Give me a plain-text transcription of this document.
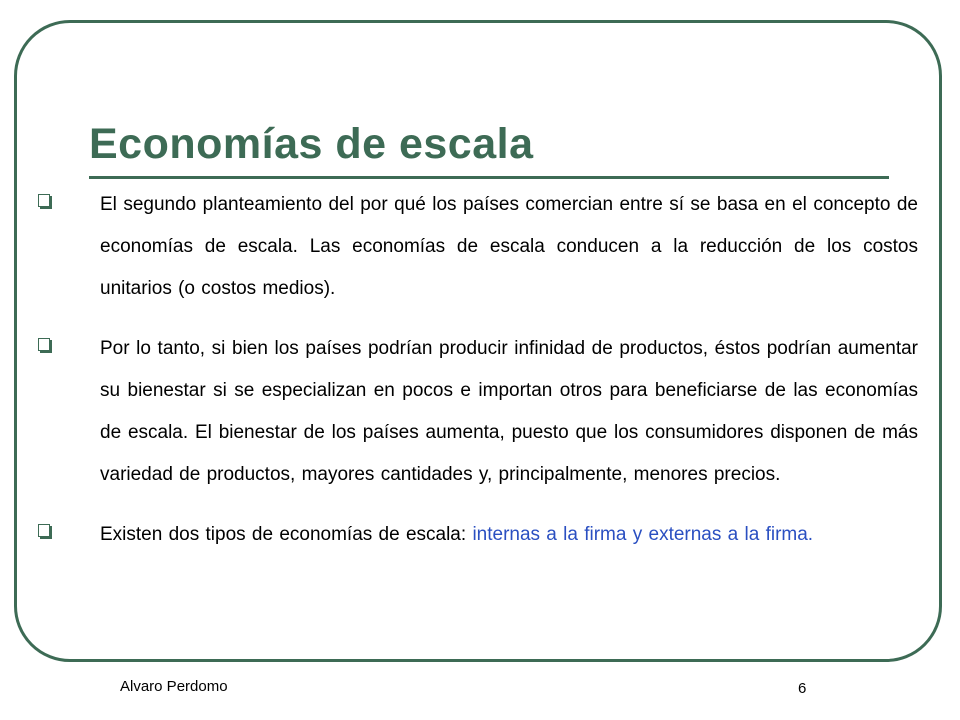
Economías de escala
El segundo planteamiento del por qué los países comercian entre sí se basa en el concepto de economías de escala. Las economías de escala conducen a la reducción de los costos unitarios (o costos medios).
Por lo tanto, si bien los países podrían producir infinidad de productos, éstos podrían aumentar su bienestar si se especializan en pocos e importan otros para beneficiarse de las economías de escala. El bienestar de los países aumenta, puesto que los consumidores disponen de más variedad de productos, mayores cantidades y, principalmente, menores precios.
Existen dos tipos de economías de escala: internas a la firma y externas a la firma.
Alvaro Perdomo	6
